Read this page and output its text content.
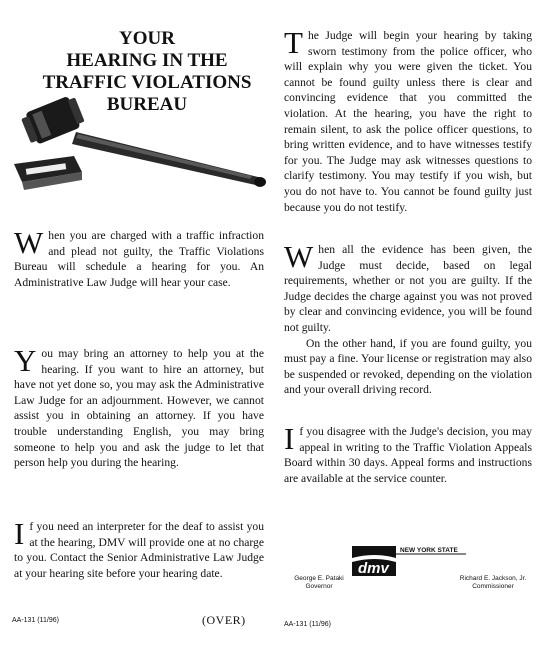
YOUR
HEARING IN THE
TRAFFIC VIOLATIONS
BUREAU
W hen you are charged with a traffic infraction and plead not guilty, the Traffic Violations Bureau will schedule a hearing for you. An Administrative Law Judge will hear your case.
Y ou may bring an attorney to help you at the hearing. If you want to hire an attorney, but have not yet done so, you may ask the Administrative Law Judge for an adjournment. However, we cannot assist you in obtaining an attorney. If you have trouble understanding English, you may bring someone to help you and ask the judge to let that person help you during the hearing.
I f you need an interpreter for the deaf to assist you at the hearing, DMV will provide one at no charge to you. Contact the Senior Administrative Law Judge at your hearing site before your hearing date.
AA-131 (11/96)	(OVER)
T he Judge will begin your hearing by taking sworn testimony from the police officer, who will explain why you were given the ticket. You cannot be found guilty unless there is clear and convincing evidence that you committed the violation. At the hearing, you have the right to remain silent, to ask the police officer questions, to bring written evidence, and to have witnesses testify for you. The Judge may ask witnesses questions to clarify testimony. You may testify if you wish, but you do not have to. You cannot be found guilty just because you do not testify.
W hen all the evidence has been given, the Judge must decide, based on legal requirements, whether or not you are guilty. If the Judge decides the charge against you was not proved by clear and convincing evidence, you will be found not guilty.
On the other hand, if you are found guilty, you must pay a fine. Your license or registration may also be suspended or revoked, depending on the violation and your overall driving record.
I f you disagree with the Judge's decision, you may appeal in writing to the Traffic Violation Appeals Board within 30 days. Appeal forms and instructions are available at the service counter.
dmv
NEW YORK STATE
George E. Pataki
Governor
Richard E. Jackson, Jr.
Commissioner
AA-131 (11/96)
